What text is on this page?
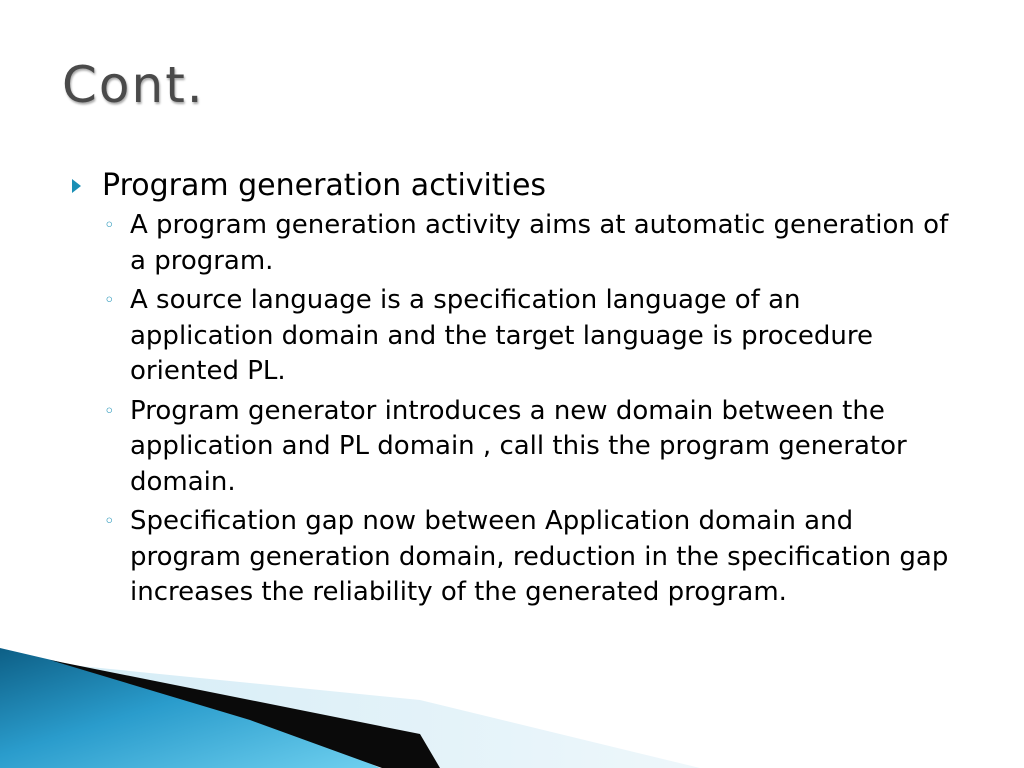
Cont.
Program generation activities
◦ A program generation activity aims at automatic generation of a program.
◦ A source language is a specification language of an application domain and the target language is procedure oriented PL.
◦ Program generator introduces a new domain between the application and PL domain , call this the program generator domain.
◦ Specification gap now between Application domain and program generation domain, reduction in the specification gap increases the reliability of the generated program.
